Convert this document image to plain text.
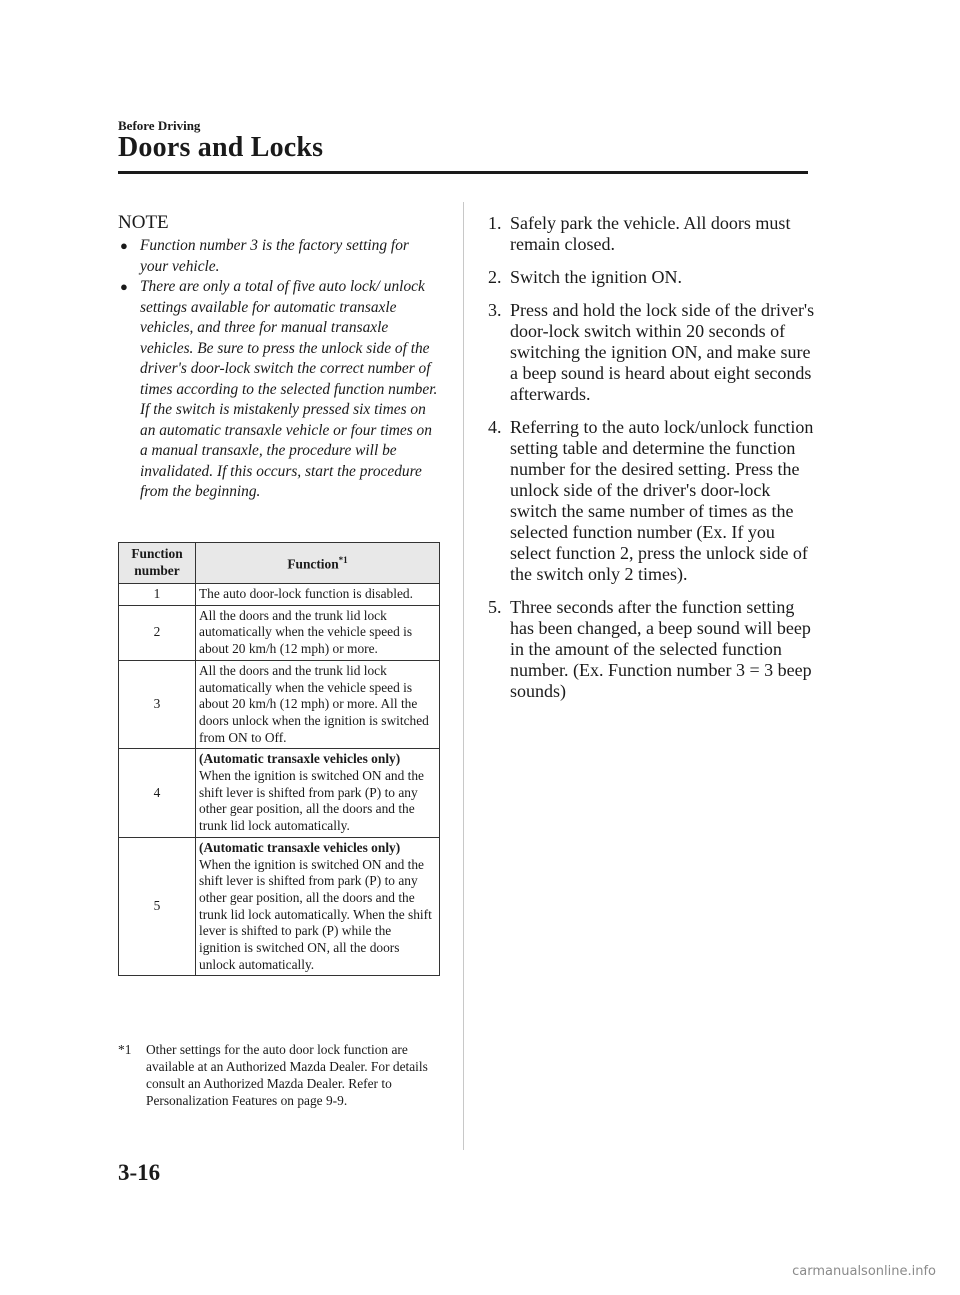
Before Driving
Doors and Locks
NOTE
● Function number 3 is the factory setting for your vehicle.
● There are only a total of five auto lock/ unlock settings available for automatic transaxle vehicles, and three for manual transaxle vehicles. Be sure to press the unlock side of the driver's door-lock switch the correct number of times according to the selected function number. If the switch is mistakenly pressed six times on an automatic transaxle vehicle or four times on a manual transaxle, the procedure will be invalidated. If this occurs, start the procedure from the beginning.
Function number	Function$^{*1}$
1	The auto door-lock function is disabled.
2	All the doors and the trunk lid lock automatically when the vehicle speed is about 20 km/h (12 mph) or more.
3	All the doors and the trunk lid lock automatically when the vehicle speed is about 20 km/h (12 mph) or more. All the doors unlock when the ignition is switched from ON to Off.
4	(Automatic transaxle vehicles only)
When the ignition is switched ON and the shift lever is shifted from park (P) to any other gear position, all the doors and the trunk lid lock automatically.
5	(Automatic transaxle vehicles only)
When the ignition is switched ON and the shift lever is shifted from park (P) to any other gear position, all the doors and the trunk lid lock automatically. When the shift lever is shifted to park (P) while the ignition is switched ON, all the doors unlock automatically.
*1	Other settings for the auto door lock function are available at an Authorized Mazda Dealer. For details consult an Authorized Mazda Dealer. Refer to Personalization Features on page 9-9.
1. Safely park the vehicle. All doors must remain closed.
2. Switch the ignition ON.
3. Press and hold the lock side of the driver's door-lock switch within 20 seconds of switching the ignition ON, and make sure a beep sound is heard about eight seconds afterwards.
4. Referring to the auto lock/unlock function setting table and determine the function number for the desired setting. Press the unlock side of the driver's door-lock switch the same number of times as the selected function number (Ex. If you select function 2, press the unlock side of the switch only 2 times).
5. Three seconds after the function setting has been changed, a beep sound will beep in the amount of the selected function number. (Ex. Function number 3 = 3 beep sounds)
3-16
carmanualsonline.info
